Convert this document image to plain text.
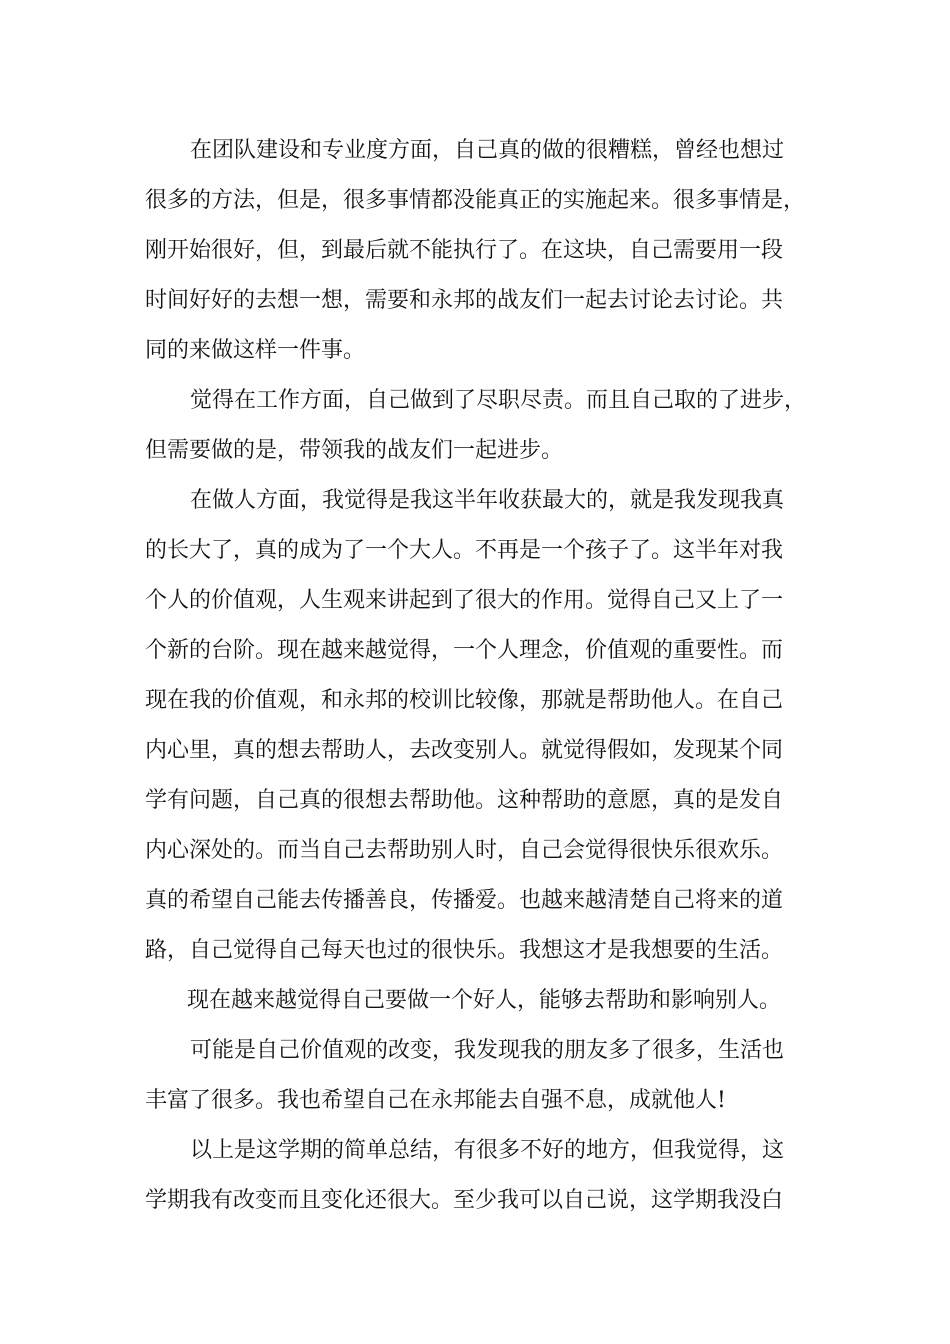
在团队建设和专业度方面，自己真的做的很糟糕，曾经也想过
很多的方法，但是，很多事情都没能真正的实施起来。很多事情是，
刚开始很好，但，到最后就不能执行了。在这块，自己需要用一段
时间好好的去想一想，需要和永邦的战友们一起去讨论去讨论。共
同的来做这样一件事。
觉得在工作方面，自己做到了尽职尽责。而且自己取的了进步，
但需要做的是，带领我的战友们一起进步。
在做人方面，我觉得是我这半年收获最大的，就是我发现我真
的长大了，真的成为了一个大人。不再是一个孩子了。这半年对我
个人的价值观，人生观来讲起到了很大的作用。觉得自己又上了一
个新的台阶。现在越来越觉得，一个人理念，价值观的重要性。而
现在我的价值观，和永邦的校训比较像，那就是帮助他人。在自己
内心里，真的想去帮助人，去改变别人。就觉得假如，发现某个同
学有问题，自己真的很想去帮助他。这种帮助的意愿，真的是发自
内心深处的。而当自己去帮助别人时，自己会觉得很快乐很欢乐。
真的希望自己能去传播善良，传播爱。也越来越清楚自己将来的道
路，自己觉得自己每天也过的很快乐。我想这才是我想要的生活。
现在越来越觉得自己要做一个好人，能够去帮助和影响别人。
可能是自己价值观的改变，我发现我的朋友多了很多，生活也
丰富了很多。我也希望自己在永邦能去自强不息，成就他人!
以上是这学期的简单总结，有很多不好的地方，但我觉得，这
学期我有改变而且变化还很大。至少我可以自己说，这学期我没白
